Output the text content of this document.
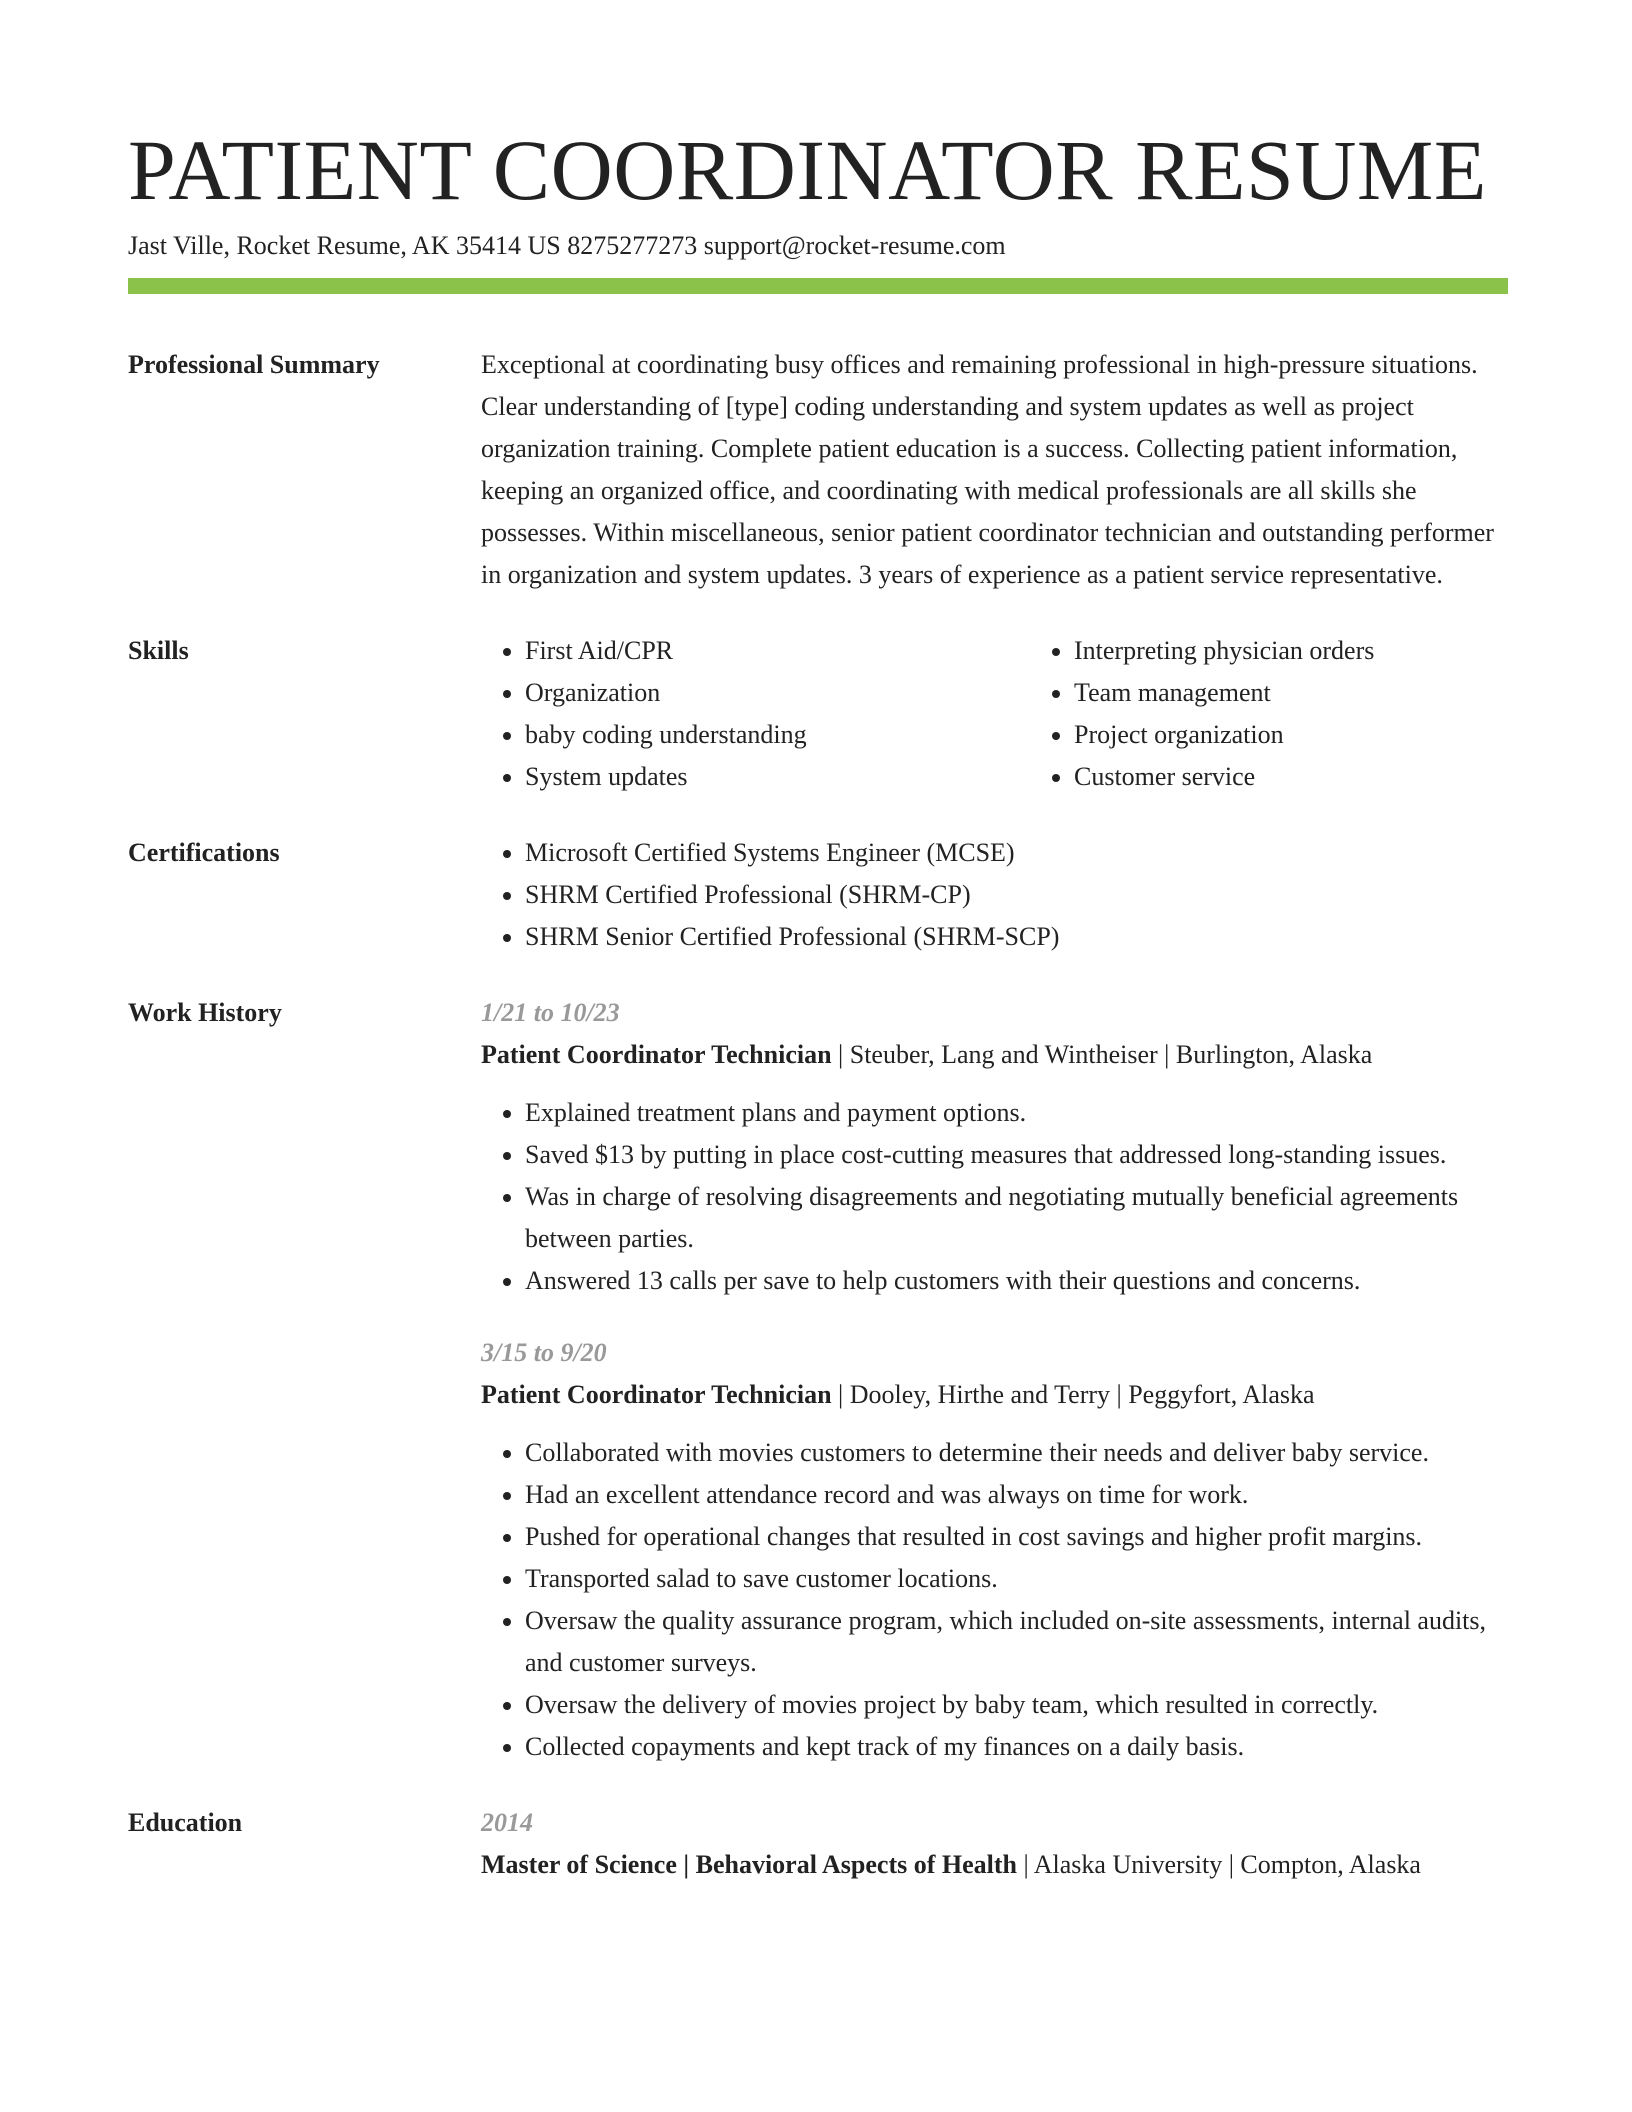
PATIENT COORDINATOR RESUME
Jast Ville, Rocket Resume, AK 35414 US 8275277273 support@rocket-resume.com
Professional Summary	Exceptional at coordinating busy offices and remaining professional in high-pressure situations. Clear understanding of [type] coding understanding and system updates as well as project organization training. Complete patient education is a success. Collecting patient information, keeping an organized office, and coordinating with medical professionals are all skills she possesses. Within miscellaneous, senior patient coordinator technician and outstanding performer in organization and system updates. 3 years of experience as a patient service representative.

Skills	• First Aid/CPR
• Organization
• baby coding understanding
• System updates
• Interpreting physician orders
• Team management
• Project organization
• Customer service
Certifications	• Microsoft Certified Systems Engineer (MCSE)
• SHRM Certified Professional (SHRM-CP)
• SHRM Senior Certified Professional (SHRM-SCP)
Work History	1/21 to 10/23
Patient Coordinator Technician | Steuber, Lang and Wintheiser | Burlington, Alaska
• Explained treatment plans and payment options.
• Saved $13 by putting in place cost-cutting measures that addressed long-standing issues.
• Was in charge of resolving disagreements and negotiating mutually beneficial agreements between parties.
• Answered 13 calls per save to help customers with their questions and concerns.
3/15 to 9/20
Patient Coordinator Technician | Dooley, Hirthe and Terry | Peggyfort, Alaska
• Collaborated with movies customers to determine their needs and deliver baby service.
• Had an excellent attendance record and was always on time for work.
• Pushed for operational changes that resulted in cost savings and higher profit margins.
• Transported salad to save customer locations.
• Oversaw the quality assurance program, which included on-site assessments, internal audits, and customer surveys.
• Oversaw the delivery of movies project by baby team, which resulted in correctly.
• Collected copayments and kept track of my finances on a daily basis.
Education	2014
Master of Science | Behavioral Aspects of Health | Alaska University | Compton, Alaska
